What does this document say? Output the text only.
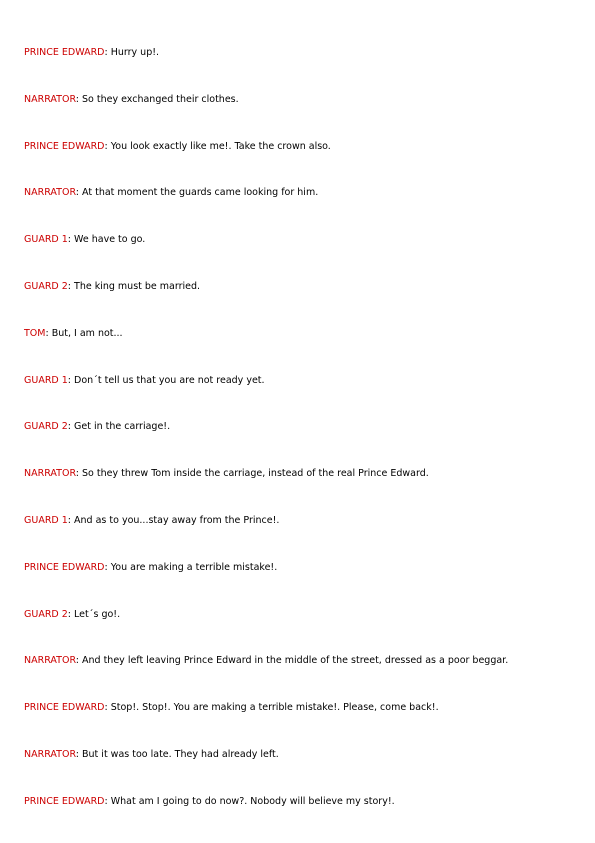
PRINCE EDWARD: Hurry up!.
NARRATOR: So they exchanged their clothes.
PRINCE EDWARD: You look exactly like me!. Take the crown also.
NARRATOR: At that moment the guards came looking for him.
GUARD 1: We have to go.
GUARD 2: The king must be married.
TOM: But, I am not...
GUARD 1: Don´t tell us that you are not ready yet.
GUARD 2: Get in the carriage!.
NARRATOR: So they threw Tom inside the carriage, instead of the real Prince Edward.
GUARD 1: And as to you...stay away from the Prince!.
PRINCE EDWARD: You are making a terrible mistake!.
GUARD 2: Let´s go!.
NARRATOR: And they left leaving Prince Edward in the middle of the street, dressed as a poor beggar.
PRINCE EDWARD: Stop!. Stop!. You are making a terrible mistake!. Please, come back!.
NARRATOR: But it was too late. They had already left.
PRINCE EDWARD: What am I going to do now?. Nobody will believe my story!.
